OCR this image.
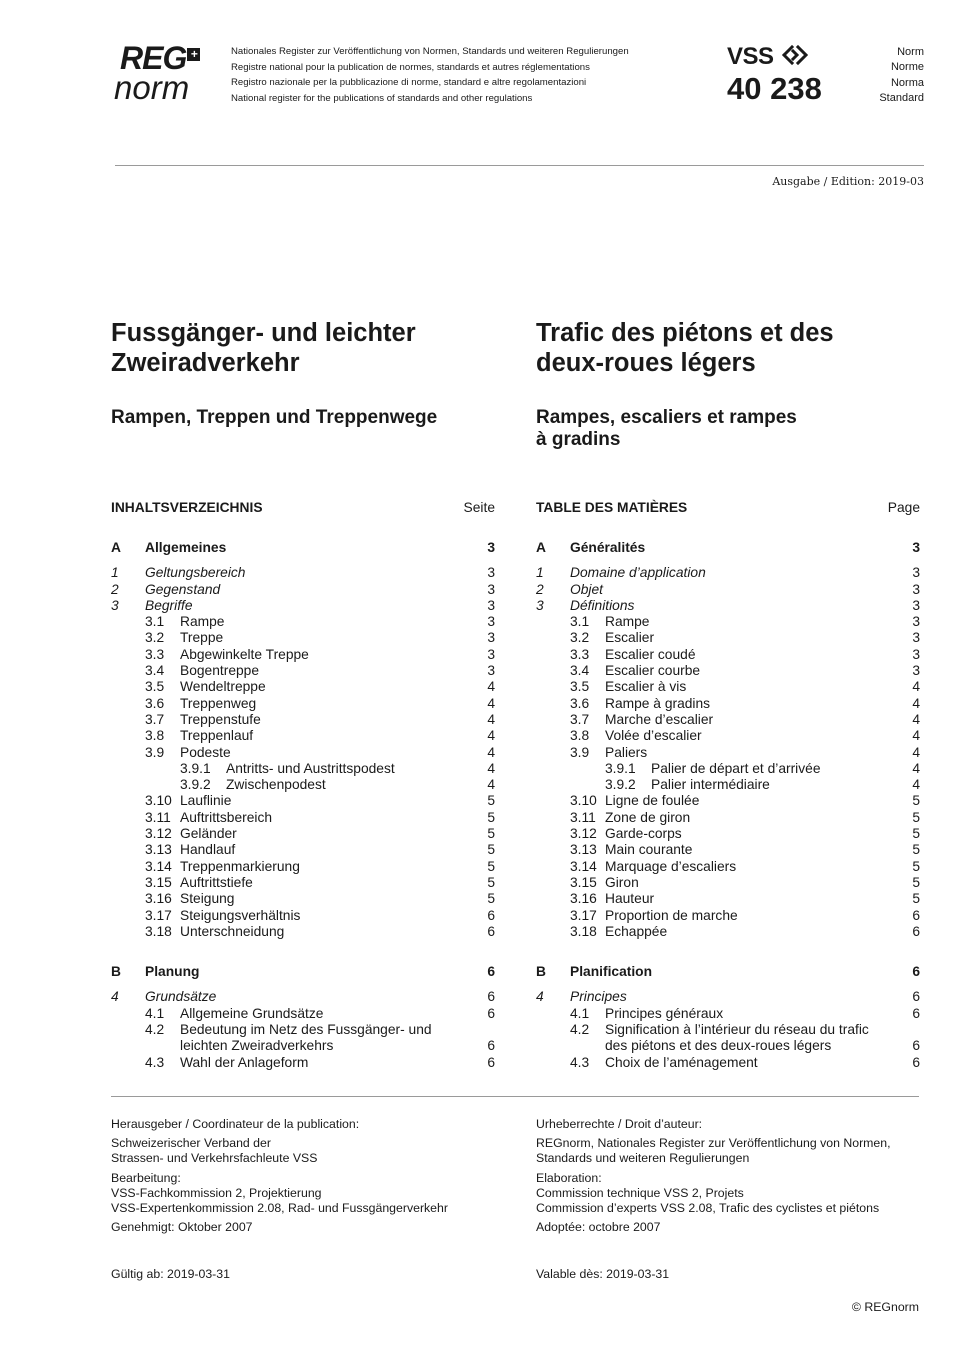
REG +
norm
Nationales Register zur Veröffentlichung von Normen, Standards und weiteren Regulierungen
Registre national pour la publication de normes, standards et autres réglementations
Registro nazionale per la pubblicazione di norme, standard e altre regolamentazioni
National register for the publications of standards and other regulations
VSS
40 238
Norm
Norme
Norma
Standard
Ausgabe / Edition: 2019-03
Fussgänger- und leichter
Zweiradverkehr
Rampen, Treppen und Treppenwege
Trafic des piétons et des
deux-roues légers
Rampes, escaliers et rampes
à gradins
INHALTSVERZEICHNIS	Seite
A Allgemeines	3
1 Geltungsbereich	3
2 Gegenstand	3
3 Begriffe	3
3.1 Rampe	3
3.2 Treppe	3
3.3 Abgewinkelte Treppe	3
3.4 Bogentreppe	3
3.5 Wendeltreppe	4
3.6 Treppenweg	4
3.7 Treppenstufe	4
3.8 Treppenlauf	4
3.9 Podeste	4
3.9.1 Antritts- und Austrittspodest	4
3.9.2 Zwischenpodest	4
3.10 Lauflinie	5
3.11 Auftrittsbereich	5
3.12 Geländer	5
3.13 Handlauf	5
3.14 Treppenmarkierung	5
3.15 Auftrittstiefe	5
3.16 Steigung	5
3.17 Steigungsverhältnis	6
3.18 Unterschneidung	6
B Planung	6
4 Grundsätze	6
4.1 Allgemeine Grundsätze	6
4.2 Bedeutung im Netz des Fussgänger- und
leichten Zweiradverkehrs	6
4.3 Wahl der Anlageform	6
TABLE DES MATIÈRES	Page
A Généralités	3
1 Domaine d’application	3
2 Objet	3
3 Définitions	3
3.1 Rampe	3
3.2 Escalier	3
3.3 Escalier coudé	3
3.4 Escalier courbe	3
3.5 Escalier à vis	4
3.6 Rampe à gradins	4
3.7 Marche d’escalier	4
3.8 Volée d’escalier	4
3.9 Paliers	4
3.9.1 Palier de départ et d’arrivée	4
3.9.2 Palier intermédiaire	4
3.10 Ligne de foulée	5
3.11 Zone de giron	5
3.12 Garde-corps	5
3.13 Main courante	5
3.14 Marquage d’escaliers	5
3.15 Giron	5
3.16 Hauteur	5
3.17 Proportion de marche	6
3.18 Echappée	6
B Planification	6
4 Principes	6
4.1 Principes généraux	6
4.2 Signification à l’intérieur du réseau du trafic
des piétons et des deux-roues légers	6
4.3 Choix de l’aménagement	6
Herausgeber / Coordinateur de la publication:
Schweizerischer Verband der
Strassen- und Verkehrsfachleute VSS
Bearbeitung:
VSS-Fachkommission 2, Projektierung
VSS-Expertenkommission 2.08, Rad- und Fussgängerverkehr
Genehmigt: Oktober 2007
Gültig ab: 2019-03-31
Urheberrechte / Droit d’auteur:
REGnorm, Nationales Register zur Veröffentlichung von Normen,
Standards und weiteren Regulierungen
Elaboration:
Commission technique VSS 2, Projets
Commission d’experts VSS 2.08, Trafic des cyclistes et piétons
Adoptée: octobre 2007
Valable dès: 2019-03-31
© REGnorm
